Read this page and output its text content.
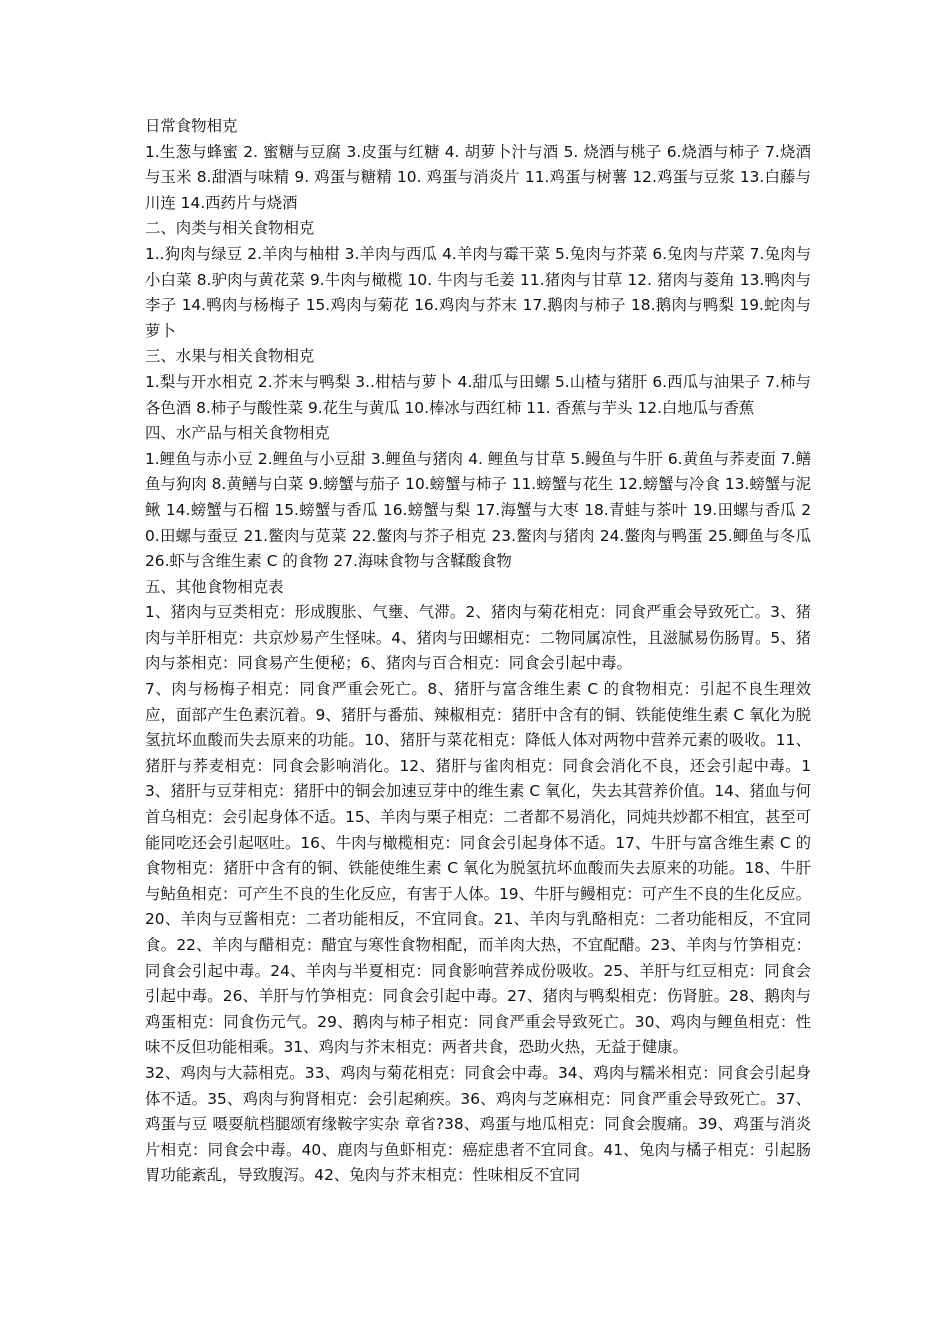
日常食物相克

1.生葱与蜂蜜 2. 蜜糖与豆腐 3.皮蛋与红糖 4. 胡萝卜汁与酒 5. 烧酒与桃子 6.烧酒与柿子 7.烧酒与玉米 8.甜酒与味精 9. 鸡蛋与糖精 10. 鸡蛋与消炎片 11.鸡蛋与树薯 12.鸡蛋与豆浆 13.白藤与川连 14.西药片与烧酒

二、肉类与相关食物相克

1..狗肉与绿豆 2.羊肉与柚柑 3.羊肉与西瓜 4.羊肉与霉干菜 5.兔肉与芥菜 6.兔肉与芹菜 7.兔肉与小白菜 8.驴肉与黄花菜 9.牛肉与橄榄 10. 牛肉与毛姜 11.猪肉与甘草 12. 猪肉与菱角 13.鸭肉与李子 14.鸭肉与杨梅子 15.鸡肉与菊花 16.鸡肉与芥末 17.鹅肉与柿子 18.鹅肉与鸭梨 19.蛇肉与萝卜

三、水果与相关食物相克

1.梨与开水相克 2.芥末与鸭梨 3..柑桔与萝卜 4.甜瓜与田螺 5.山楂与猪肝 6.西瓜与油果子 7.柿与各色酒 8.柿子与酸性菜 9.花生与黄瓜 10.棒冰与西红柿 11. 香蕉与芋头 12.白地瓜与香蕉

四、水产品与相关食物相克

1.鲤鱼与赤小豆 2.鲤鱼与小豆甜 3.鲤鱼与猪肉 4. 鲤鱼与甘草 5.鳗鱼与牛肝 6.黄鱼与荞麦面 7.鳝鱼与狗肉 8.黄鳝与白菜 9.螃蟹与茄子 10.螃蟹与柿子 11.螃蟹与花生 12.螃蟹与冷食 13.螃蟹与泥鳅 14.螃蟹与石榴 15.螃蟹与香瓜 16.螃蟹与梨 17.海蟹与大枣 18.青蛙与茶叶 19.田螺与香瓜 20.田螺与蚕豆 21.鳖肉与苋菜 22.鳖肉与芥子相克 23.鳖肉与猪肉 24.鳖肉与鸭蛋 25.鲫鱼与冬瓜 26.虾与含维生素 C 的食物 27.海味食物与含鞣酸食物

五、其他食物相克表

1、猪肉与豆类相克：形成腹胀、气壅、气滞。2、猪肉与菊花相克：同食严重会导致死亡。3、猪肉与羊肝相克：共京炒易产生怪味。4、猪肉与田螺相克：二物同属凉性，且滋腻易伤肠胃。5、猪肉与茶相克：同食易产生便秘；6、猪肉与百合相克：同食会引起中毒。

7、肉与杨梅子相克：同食严重会死亡。8、猪肝与富含维生素 C 的食物相克：引起不良生理效应，面部产生色素沉着。9、猪肝与番茄、辣椒相克：猪肝中含有的铜、铁能使维生素 C 氧化为脱氢抗坏血酸而失去原来的功能。10、猪肝与菜花相克：降低人体对两物中营养元素的吸收。11、猪肝与荞麦相克：同食会影响消化。12、猪肝与雀肉相克：同食会消化不良，还会引起中毒。13、猪肝与豆芽相克：猪肝中的铜会加速豆芽中的维生素 C 氧化，失去其营养价值。14、猪血与何首乌相克：会引起身体不适。15、羊肉与栗子相克：二者都不易消化，同炖共炒都不相宜，甚至可能同吃还会引起呕吐。16、牛肉与橄榄相克：同食会引起身体不适。17、牛肝与富含维生素 C 的食物相克：猪肝中含有的铜、铁能使维生素 C 氧化为脱氢抗坏血酸而失去原来的功能。18、牛肝与鲇鱼相克：可产生不良的生化反应，有害于人体。19、牛肝与鳗相克：可产生不良的生化反应。20、羊肉与豆酱相克：二者功能相反，不宜同食。21、羊肉与乳酪相克：二者功能相反，不宜同食。22、羊肉与醋相克：醋宜与寒性食物相配，而羊肉大热，不宜配醋。23、羊肉与竹笋相克：同食会引起中毒。24、羊肉与半夏相克：同食影响营养成份吸收。25、羊肝与红豆相克：同食会引起中毒。26、羊肝与竹笋相克：同食会引起中毒。27、猪肉与鸭梨相克：伤肾脏。28、鹅肉与鸡蛋相克：同食伤元气。29、鹅肉与柿子相克：同食严重会导致死亡。30、鸡肉与鲤鱼相克：性味不反但功能相乘。31、鸡肉与芥末相克：两者共食，恐助火热，无益于健康。

32、鸡肉与大蒜相克。33、鸡肉与菊花相克：同食会中毒。34、鸡肉与糯米相克：同食会引起身体不适。35、鸡肉与狗肾相克：会引起痢疾。36、鸡肉与芝麻相克：同食严重会导致死亡。37、鸡蛋与豆 嗫耍航档腿颂宥缘鞍字实杂 章省?38、鸡蛋与地瓜相克：同食会腹痛。39、鸡蛋与消炎片相克：同食会中毒。40、鹿肉与鱼虾相克：癌症患者不宜同食。41、兔肉与橘子相克：引起肠胃功能紊乱，导致腹泻。42、兔肉与芥末相克：性味相反不宜同
